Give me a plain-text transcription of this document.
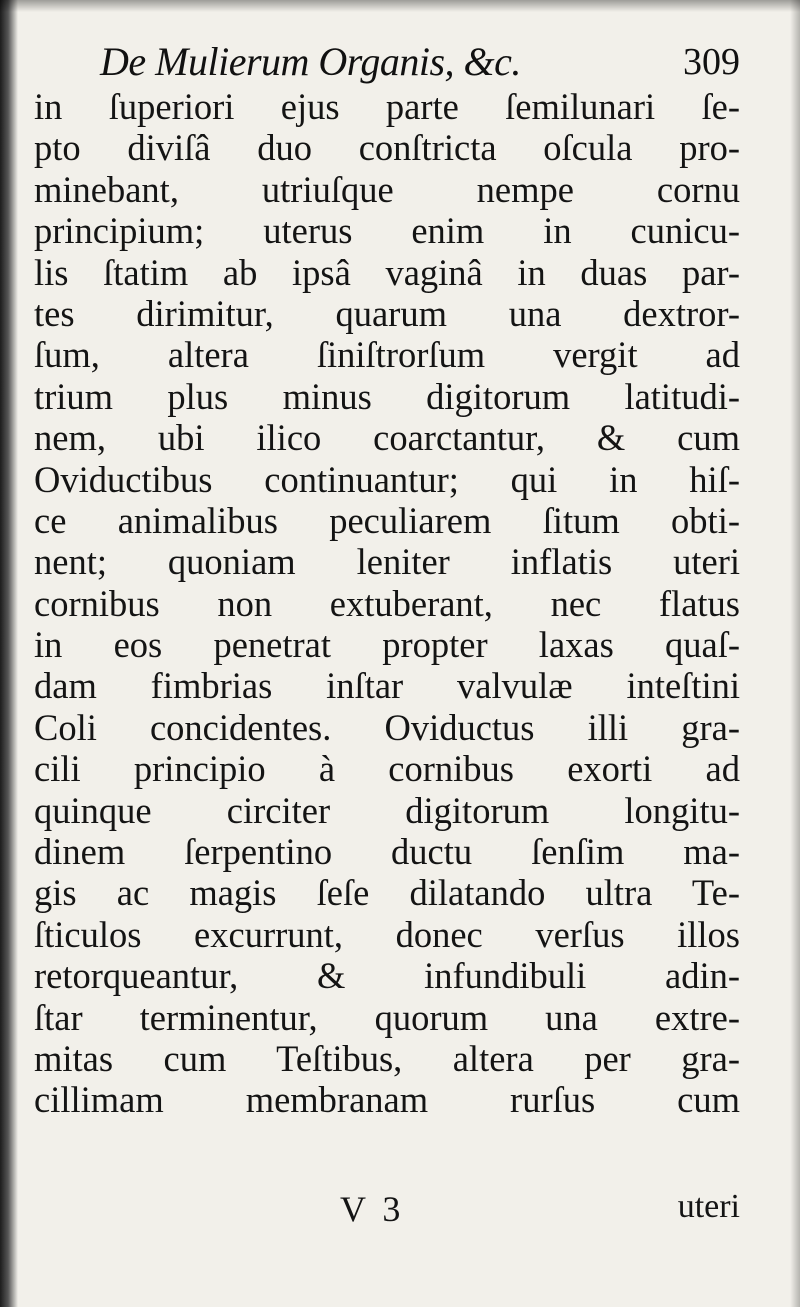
De Mulierum Organis, &c.	309
in ſuperiori ejus parte ſemilunari ſe-
pto diviſâ duo conſtricta oſcula pro-
minebant, utriuſque nempe cornu
principium; uterus enim in cunicu-
lis ſtatim ab ipsâ vaginâ in duas par-
tes dirimitur, quarum una dextror-
ſum, altera ſiniſtrorſum vergit ad
trium plus minus digitorum latitudi-
nem, ubi ilico coarctantur, & cum
Oviductibus continuantur; qui in hiſ-
ce animalibus peculiarem ſitum obti-
nent; quoniam leniter inflatis uteri
cornibus non extuberant, nec flatus
in eos penetrat propter laxas quaſ-
dam fimbrias inſtar valvulæ inteſtini
Coli concidentes. Oviductus illi gra-
cili principio à cornibus exorti ad
quinque circiter digitorum longitu-
dinem ſerpentino ductu ſenſim ma-
gis ac magis ſeſe dilatando ultra Te-
ſticulos excurrunt, donec verſus illos
retorqueantur, & infundibuli adin-
ſtar terminentur, quorum una extre-
mitas cum Teſtibus, altera per gra-
cillimam membranam rurſus cum
V 3	uteri
